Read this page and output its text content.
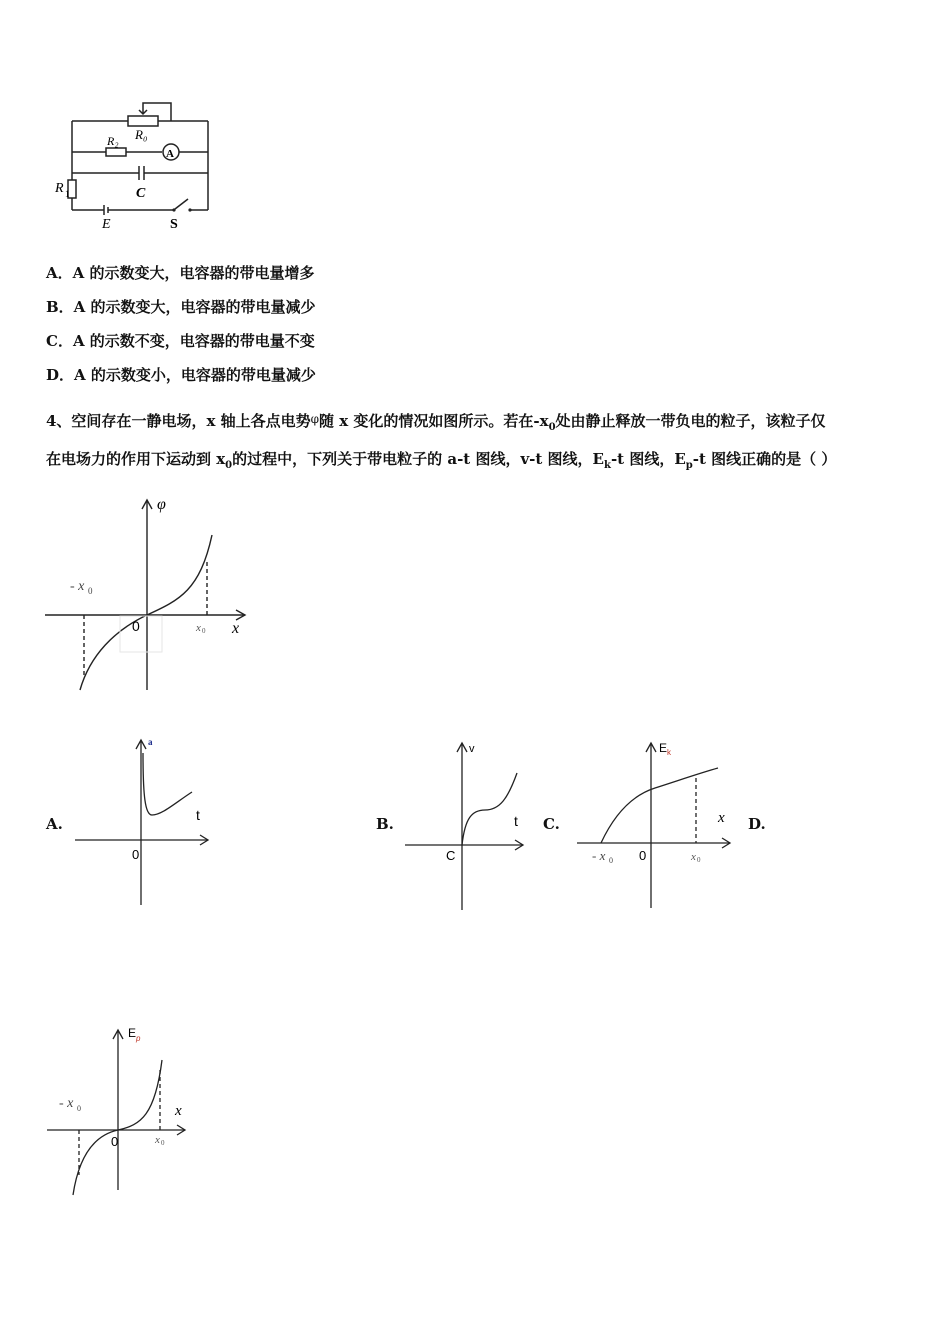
R₀
R₂
A
C
R 1
E	S
A．A 的示数变大，电容器的带电量增多
B．A 的示数变大，电容器的带电量减少
C．A 的示数不变，电容器的带电量不变
D．A 的示数变小，电容器的带电量减少
4、空间存在一静电场，x 轴上各点电势$^\varphi$随 x 变化的情况如图所示。若在$-x_0$处由静止释放一带负电的粒子，该粒子仅
在电场力的作用下运动到 $x_0$的过程中，下列关于带电粒子的 a-t 图线，v-t 图线，$E_k-t$ 图线，$E_p-t$ 图线正确的是（ ）
φ
x
- x 0
0	x 0
A.	B.	C.	D.
a
t
0
v
t
C
E k
x
- x 0 0	x 0
E p
x
- x 0
0	x 0
